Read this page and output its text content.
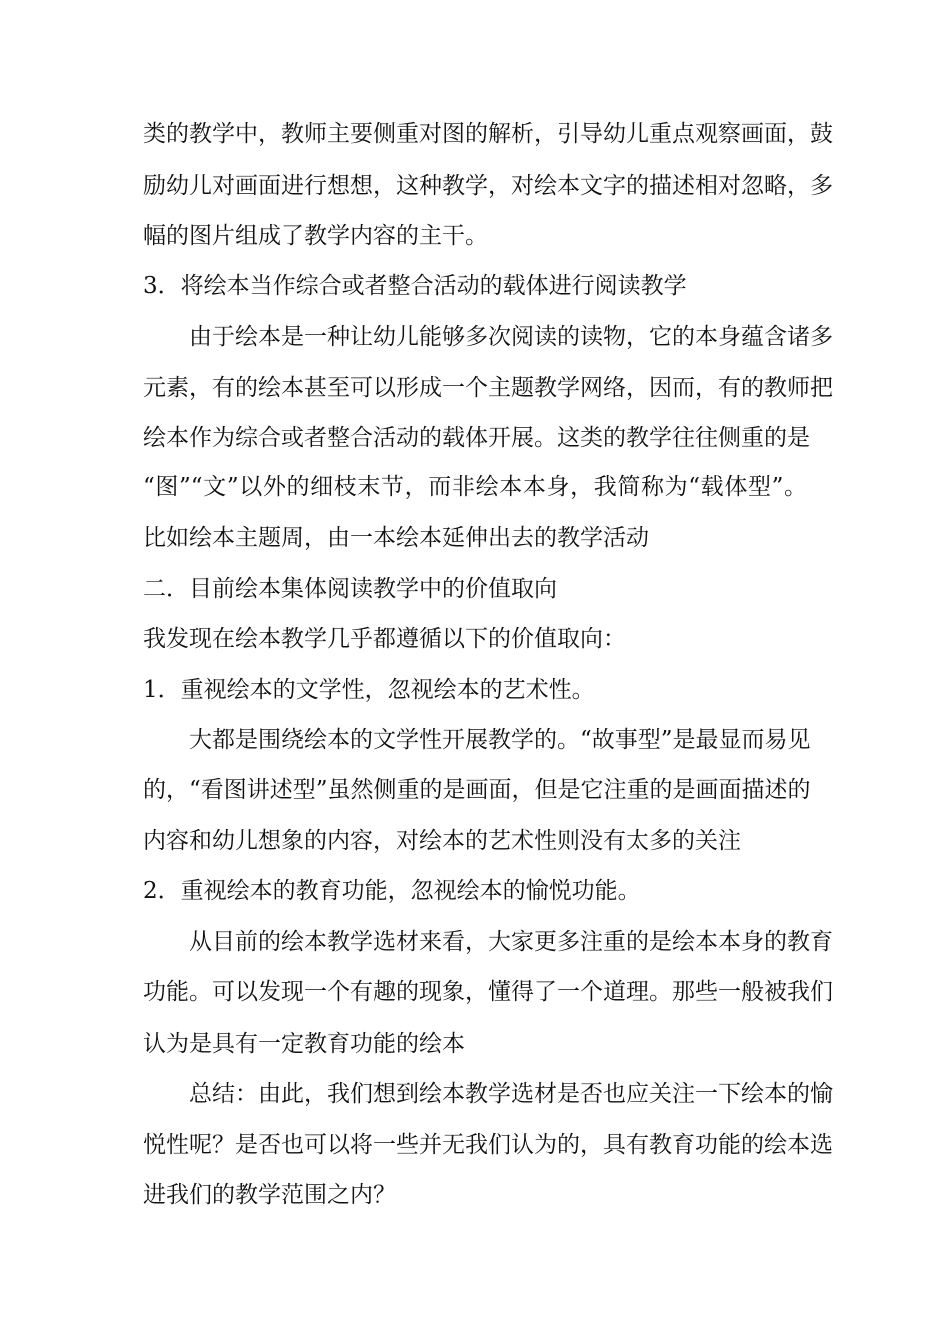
类的教学中，教师主要侧重对图的解析，引导幼儿重点观察画面，鼓
励幼儿对画面进行想想，这种教学，对绘本文字的描述相对忽略，多
幅的图片组成了教学内容的主干。
3．将绘本当作综合或者整合活动的载体进行阅读教学
由于绘本是一种让幼儿能够多次阅读的读物，它的本身蕴含诸多
元素，有的绘本甚至可以形成一个主题教学网络，因而，有的教师把
绘本作为综合或者整合活动的载体开展。这类的教学往往侧重的是
“图”“文”以外的细枝末节，而非绘本本身，我简称为“载体型”。
比如绘本主题周，由一本绘本延伸出去的教学活动
二．目前绘本集体阅读教学中的价值取向
我发现在绘本教学几乎都遵循以下的价值取向：
1．重视绘本的文学性，忽视绘本的艺术性。
大都是围绕绘本的文学性开展教学的。“故事型”是最显而易见
的，“看图讲述型”虽然侧重的是画面，但是它注重的是画面描述的
内容和幼儿想象的内容，对绘本的艺术性则没有太多的关注
2．重视绘本的教育功能，忽视绘本的愉悦功能。
从目前的绘本教学选材来看，大家更多注重的是绘本本身的教育
功能。可以发现一个有趣的现象，懂得了一个道理。那些一般被我们
认为是具有一定教育功能的绘本
总结：由此，我们想到绘本教学选材是否也应关注一下绘本的愉
悦性呢？是否也可以将一些并无我们认为的，具有教育功能的绘本选
进我们的教学范围之内？
